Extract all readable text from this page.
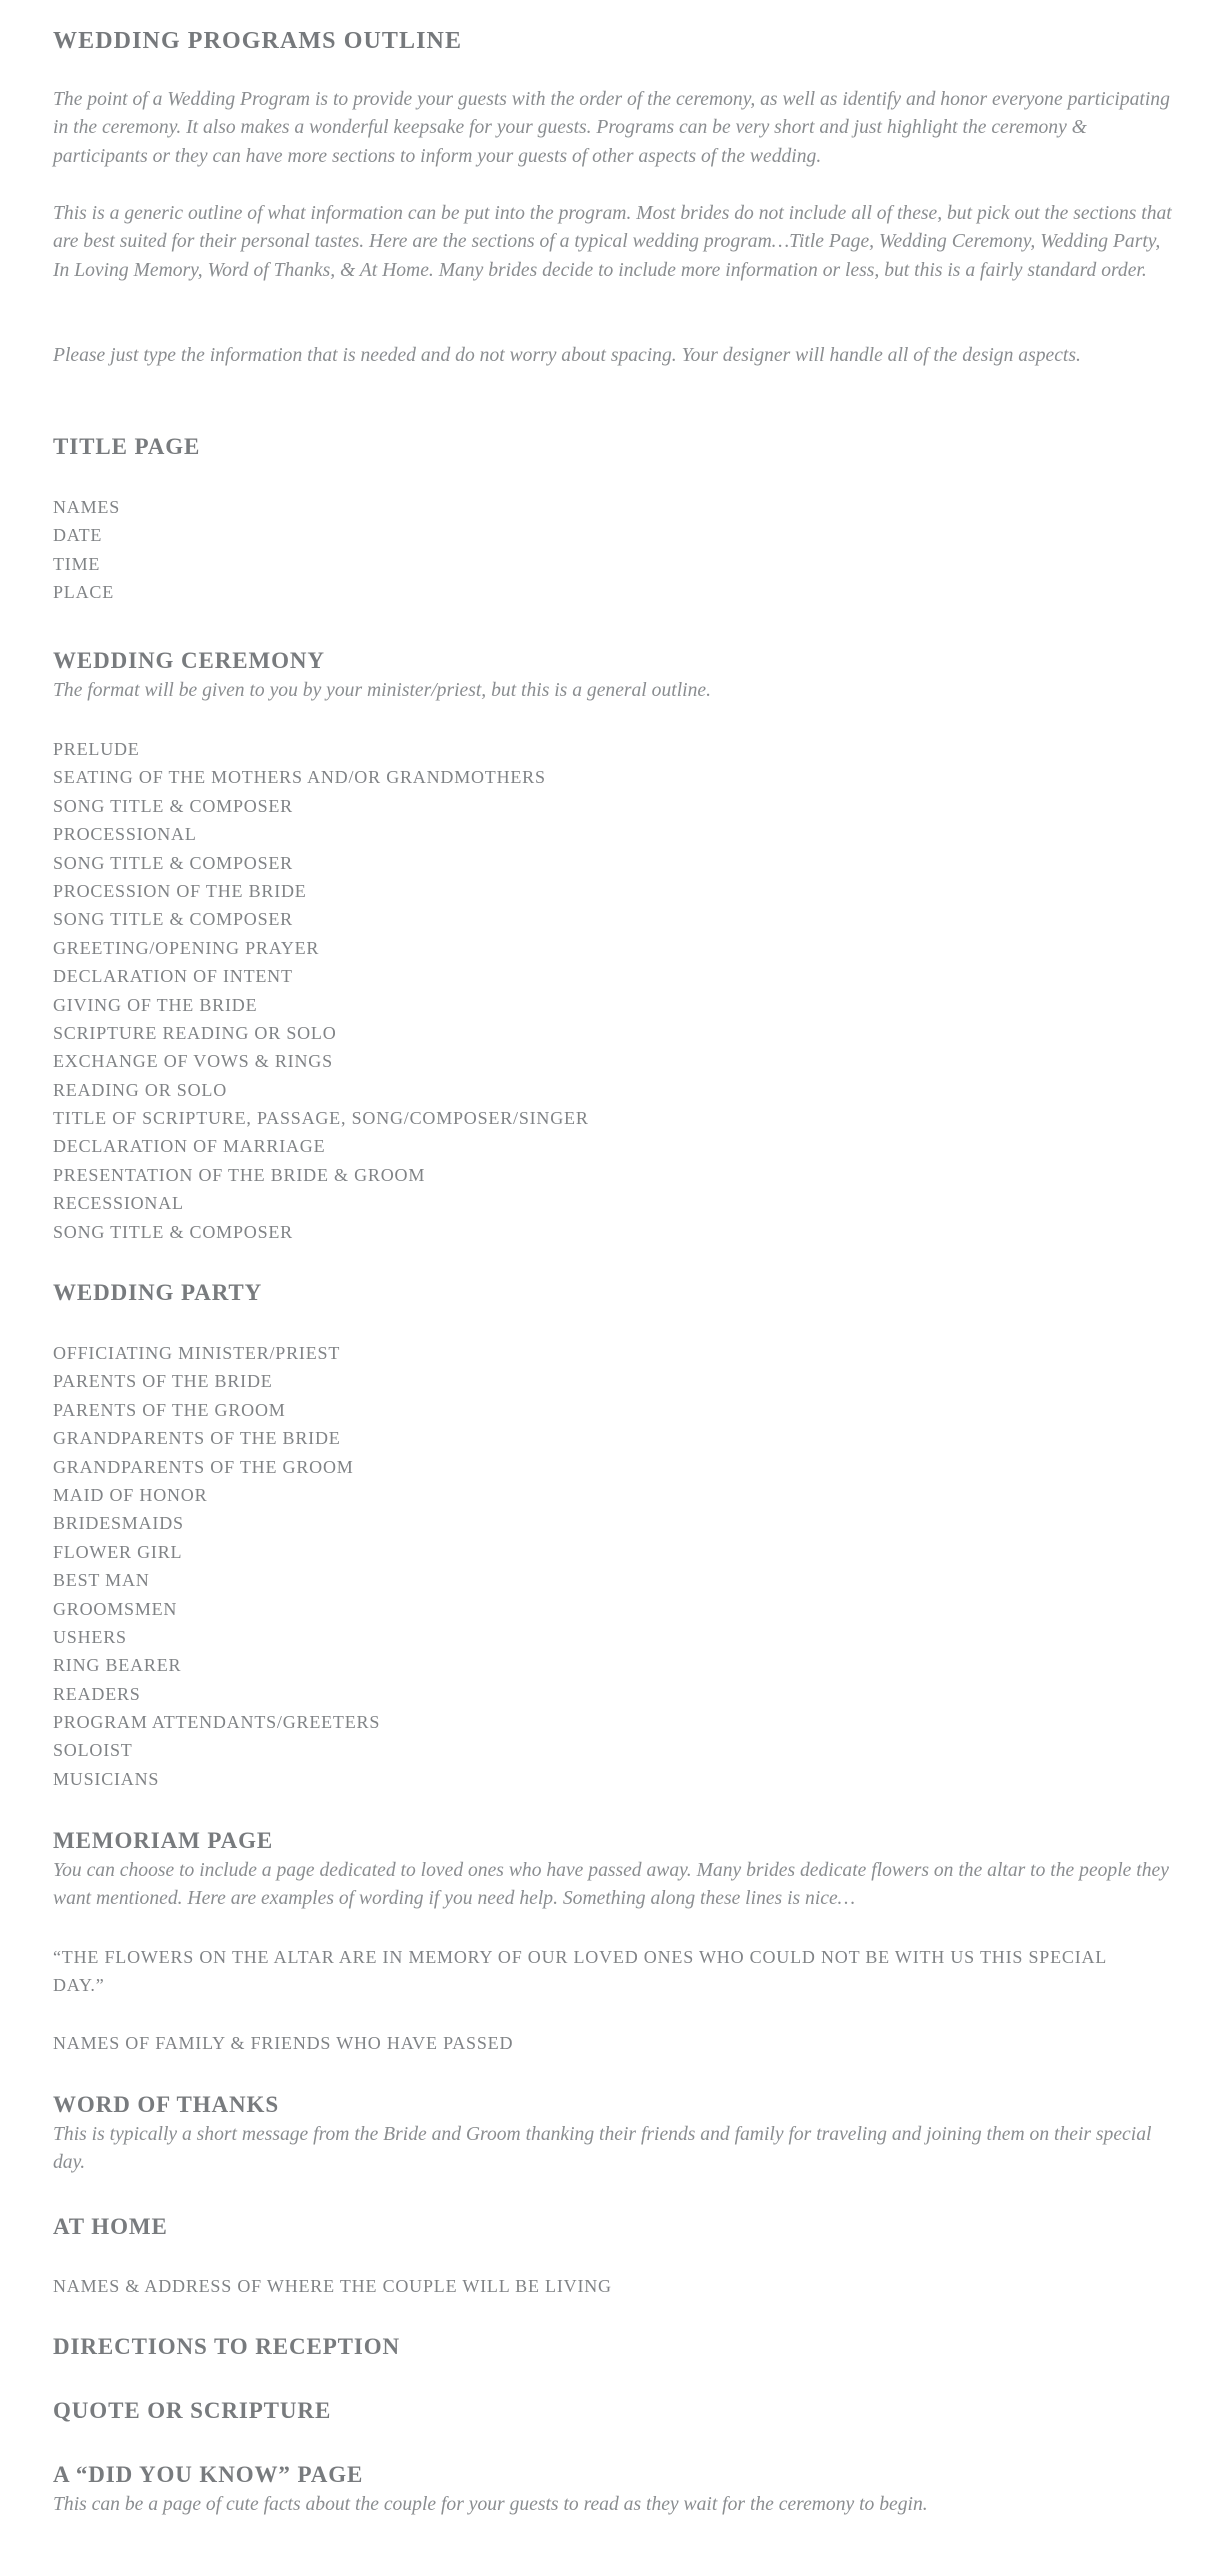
WEDDING PROGRAMS OUTLINE

The point of a Wedding Program is to provide your guests with the order of the ceremony, as well as identify and honor everyone participating in the ceremony. It also makes a wonderful keepsake for your guests. Programs can be very short and just highlight the ceremony & participants or they can have more sections to inform your guests of other aspects of the wedding.

This is a generic outline of what information can be put into the program. Most brides do not include all of these, but pick out the sections that are best suited for their personal tastes. Here are the sections of a typical wedding program…Title Page, Wedding Ceremony, Wedding Party, In Loving Memory, Word of Thanks, & At Home. Many brides decide to include more information or less, but this is a fairly standard order.

Please just type the information that is needed and do not worry about spacing. Your designer will handle all of the design aspects.

TITLE PAGE
NAMES
DATE
TIME
PLACE
WEDDING CEREMONY

The format will be given to you by your minister/priest, but this is a general outline.

PRELUDE
SEATING OF THE MOTHERS AND/OR GRANDMOTHERS
SONG TITLE & COMPOSER
PROCESSIONAL
SONG TITLE & COMPOSER
PROCESSION OF THE BRIDE
SONG TITLE & COMPOSER
GREETING/OPENING PRAYER
DECLARATION OF INTENT
GIVING OF THE BRIDE
SCRIPTURE READING OR SOLO
EXCHANGE OF VOWS & RINGS
READING OR SOLO
TITLE OF SCRIPTURE, PASSAGE, SONG/COMPOSER/SINGER
DECLARATION OF MARRIAGE
PRESENTATION OF THE BRIDE & GROOM
RECESSIONAL
SONG TITLE & COMPOSER
WEDDING PARTY
OFFICIATING MINISTER/PRIEST
PARENTS OF THE BRIDE
PARENTS OF THE GROOM
GRANDPARENTS OF THE BRIDE
GRANDPARENTS OF THE GROOM
MAID OF HONOR
BRIDESMAIDS
FLOWER GIRL
BEST MAN
GROOMSMEN
USHERS
RING BEARER
READERS
PROGRAM ATTENDANTS/GREETERS
SOLOIST
MUSICIANS
MEMORIAM PAGE

You can choose to include a page dedicated to loved ones who have passed away. Many brides dedicate flowers on the altar to the people they want mentioned. Here are examples of wording if you need help. Something along these lines is nice…

“THE FLOWERS ON THE ALTAR ARE IN MEMORY OF OUR LOVED ONES WHO COULD NOT BE WITH US THIS SPECIAL DAY.”

NAMES OF FAMILY & FRIENDS WHO HAVE PASSED
WORD OF THANKS

This is typically a short message from the Bride and Groom thanking their friends and family for traveling and joining them on their special day.

AT HOME
NAMES & ADDRESS OF WHERE THE COUPLE WILL BE LIVING
DIRECTIONS TO RECEPTION
QUOTE OR SCRIPTURE
A “DID YOU KNOW” PAGE

This can be a page of cute facts about the couple for your guests to read as they wait for the ceremony to begin.
